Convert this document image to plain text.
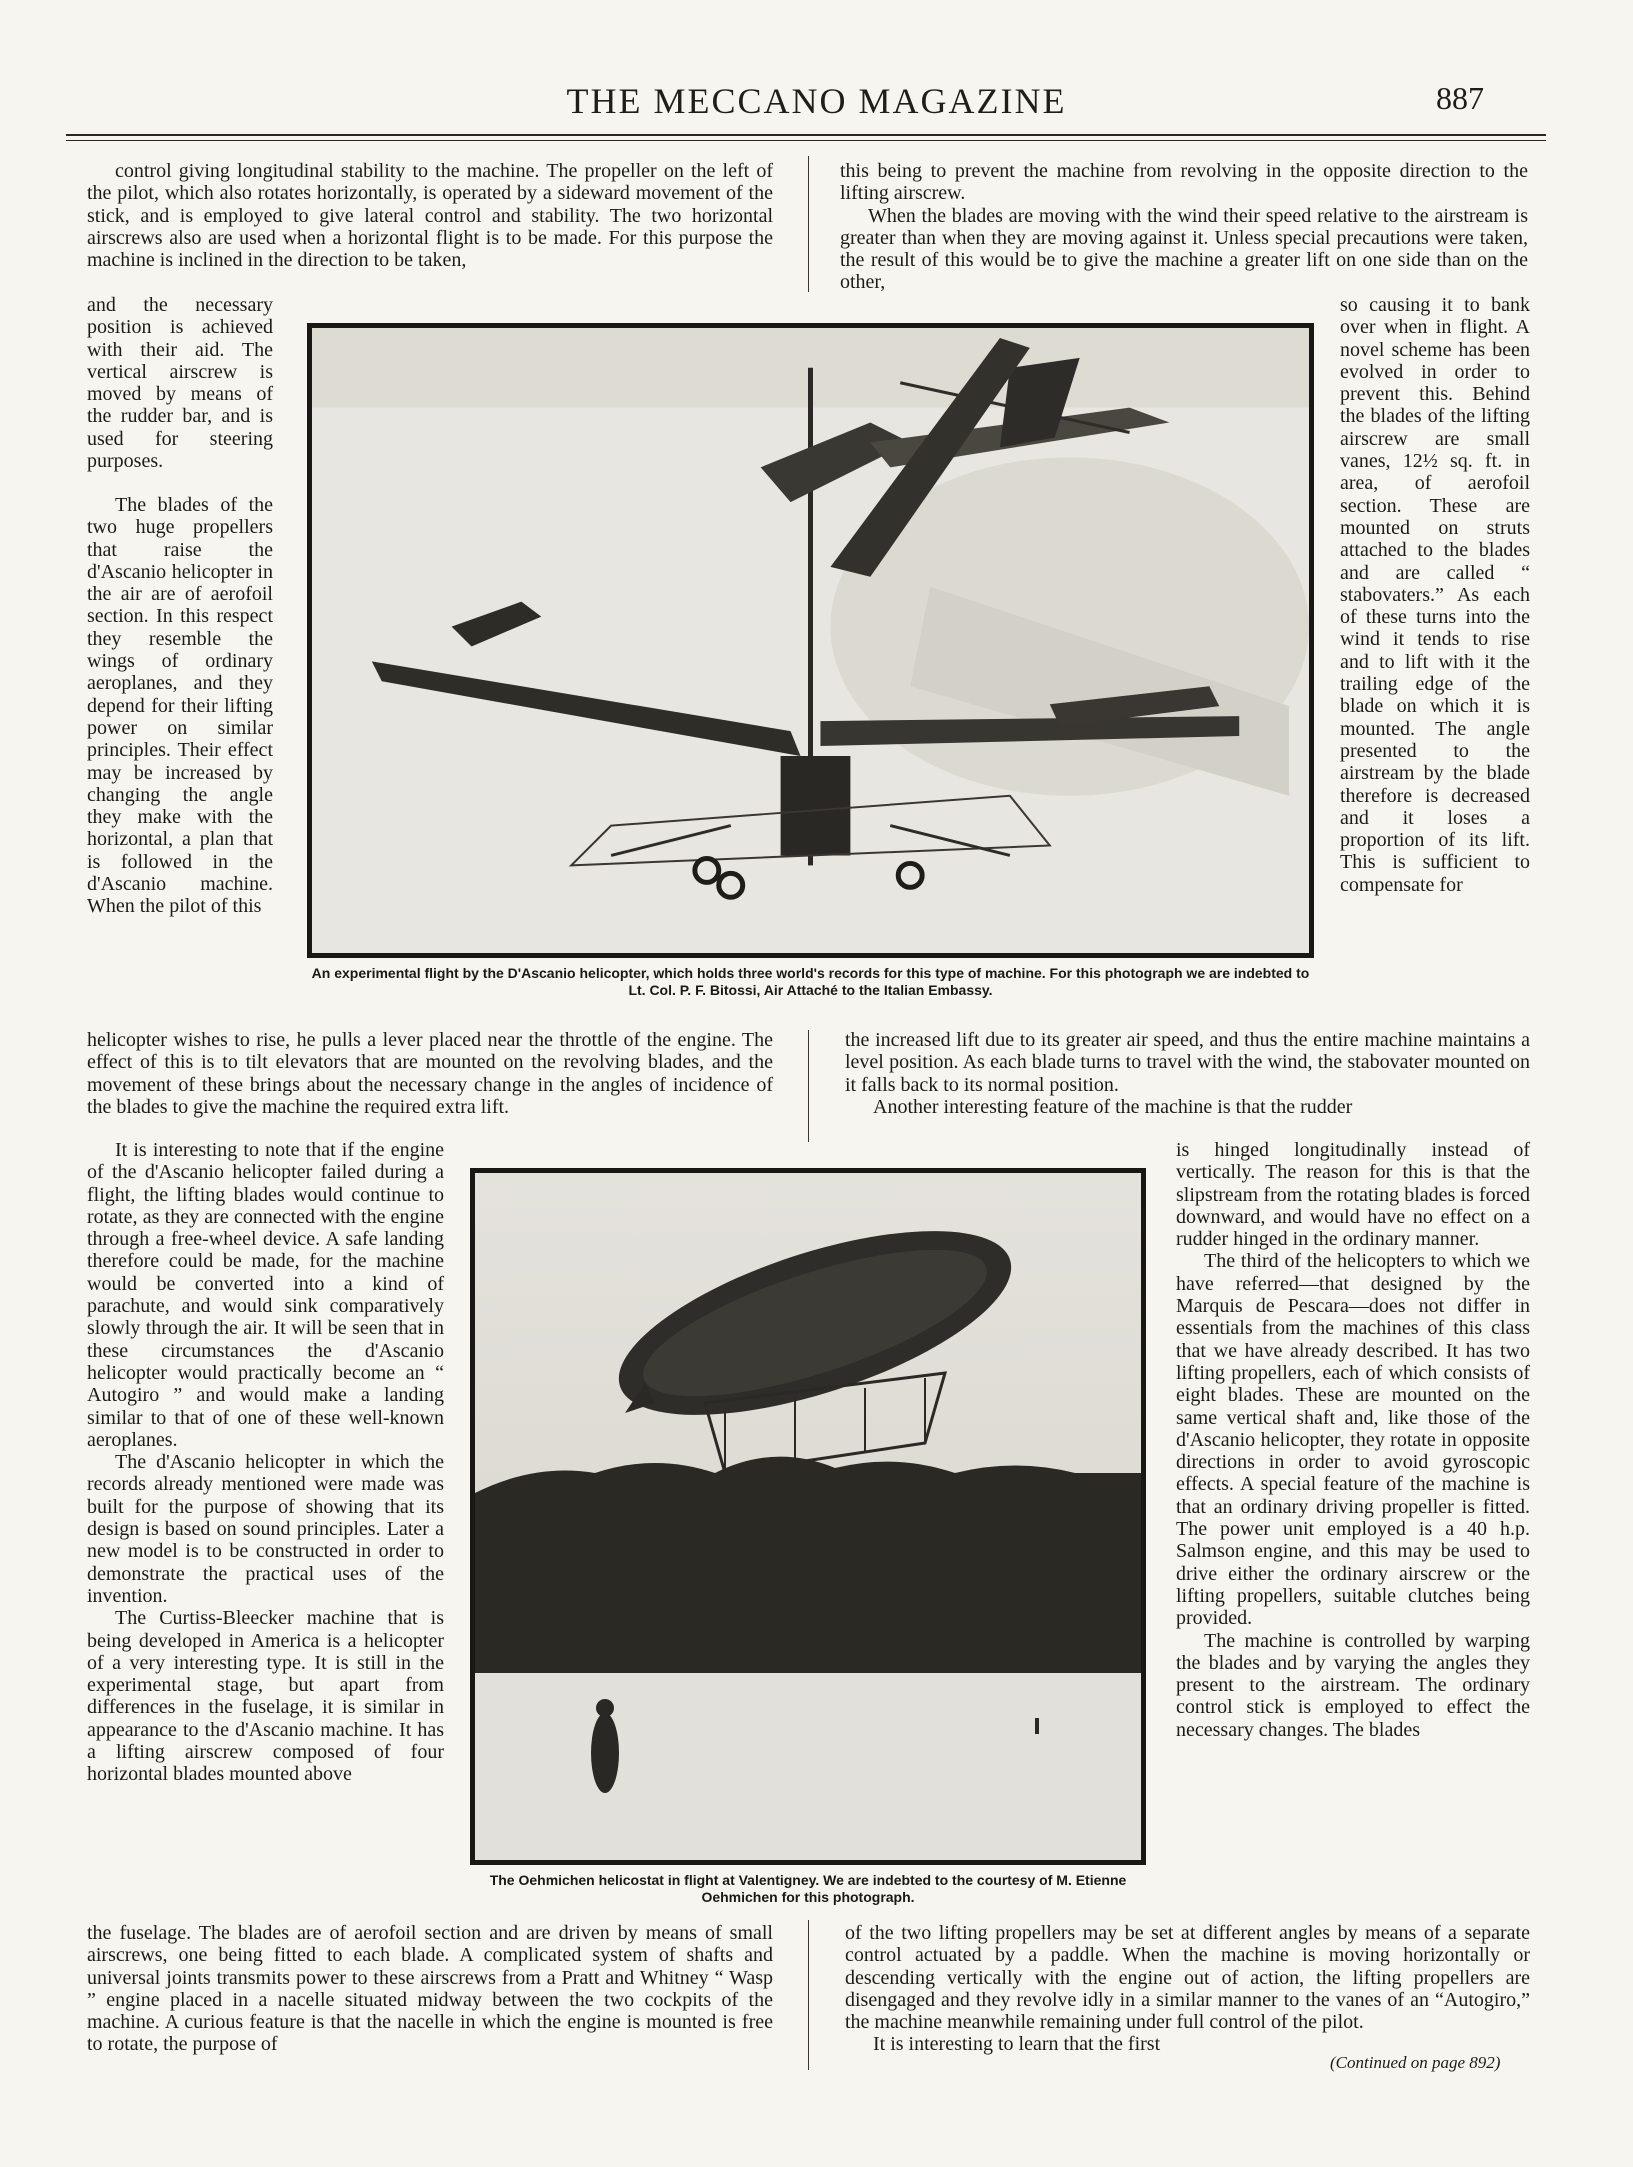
THE MECCANO MAGAZINE	887

control giving longitudinal stability to the machine. The propeller on the left of the pilot, which also rotates horizontally, is operated by a sideward movement of the stick, and is employed to give lateral control and stability. The two horizontal airscrews also are used when a horizontal flight is to be made. For this purpose the machine is inclined in the direction to be taken,

and the necessary position is achieved with their aid. The vertical airscrew is moved by means of the rudder bar, and is used for steering purposes.

The blades of the two huge propellers that raise the d'Ascanio helicopter in the air are of aerofoil section. In this respect they resemble the wings of ordinary aeroplanes, and they depend for their lifting power on similar principles. Their effect may be increased by changing the angle they make with the horizontal, a plan that is followed in the d'Ascanio machine. When the pilot of this

helicopter wishes to rise, he pulls a lever placed near the throttle of the engine. The effect of this is to tilt elevators that are mounted on the revolving blades, and the movement of these brings about the necessary change in the angles of incidence of the blades to give the machine the required extra lift.

It is interesting to note that if the engine of the d'Ascanio helicopter failed during a flight, the lifting blades would continue to rotate, as they are connected with the engine through a free-wheel device. A safe landing therefore could be made, for the machine would be converted into a kind of parachute, and would sink comparatively slowly through the air. It will be seen that in these circumstances the d'Ascanio helicopter would practically become an “ Autogiro ” and would make a landing similar to that of one of these well-known aeroplanes.

The d'Ascanio helicopter in which the records already mentioned were made was built for the purpose of showing that its design is based on sound principles. Later a new model is to be constructed in order to demonstrate the practical uses of the invention.

The Curtiss-Bleecker machine that is being developed in America is a helicopter of a very interesting type. It is still in the experimental stage, but apart from differences in the fuselage, it is similar in appearance to the d'Ascanio machine. It has a lifting airscrew composed of four horizontal blades mounted above

the fuselage. The blades are of aerofoil section and are driven by means of small airscrews, one being fitted to each blade. A complicated system of shafts and universal joints transmits power to these airscrews from a Pratt and Whitney “ Wasp ” engine placed in a nacelle situated midway between the two cockpits of the machine. A curious feature is that the nacelle in which the engine is mounted is free to rotate, the purpose of

this being to prevent the machine from revolving in the opposite direction to the lifting airscrew.

When the blades are moving with the wind their speed relative to the airstream is greater than when they are moving against it. Unless special precautions were taken, the result of this would be to give the machine a greater lift on one side than on the other,

so causing it to bank over when in flight. A novel scheme has been evolved in order to prevent this. Behind the blades of the lifting airscrew are small vanes, 12½ sq. ft. in area, of aerofoil section. These are mounted on struts attached to the blades and are called “ stabovaters.” As each of these turns into the wind it tends to rise and to lift with it the trailing edge of the blade on which it is mounted. The angle presented to the airstream by the blade therefore is decreased and it loses a proportion of its lift. This is sufficient to compensate for

the increased lift due to its greater air speed, and thus the entire machine maintains a level position. As each blade turns to travel with the wind, the stabovater mounted on it falls back to its normal position.

Another interesting feature of the machine is that the rudder

is hinged longitudinally instead of vertically. The reason for this is that the slipstream from the rotating blades is forced downward, and would have no effect on a rudder hinged in the ordinary manner.

The third of the helicopters to which we have referred—that designed by the Marquis de Pescara—does not differ in essentials from the machines of this class that we have already described. It has two lifting propellers, each of which consists of eight blades. These are mounted on the same vertical shaft and, like those of the d'Ascanio helicopter, they rotate in opposite directions in order to avoid gyroscopic effects. A special feature of the machine is that an ordinary driving propeller is fitted. The power unit employed is a 40 h.p. Salmson engine, and this may be used to drive either the ordinary airscrew or the lifting propellers, suitable clutches being provided.

The machine is controlled by warping the blades and by varying the angles they present to the airstream. The ordinary control stick is employed to effect the necessary changes. The blades

of the two lifting propellers may be set at different angles by means of a separate control actuated by a paddle. When the machine is moving horizontally or descending vertically with the engine out of action, the lifting propellers are disengaged and they revolve idly in a similar manner to the vanes of an “Autogiro,” the machine meanwhile remaining under full control of the pilot.

It is interesting to learn that the first

(Continued on page 892)
An experimental flight by the D'Ascanio helicopter, which holds three world's records for this type of machine. For this photograph we are indebted to Lt. Col. P. F. Bitossi, Air Attaché to the Italian Embassy.
The Oehmichen helicostat in flight at Valentigney. We are indebted to the courtesy of M. Etienne Oehmichen for this photograph.
